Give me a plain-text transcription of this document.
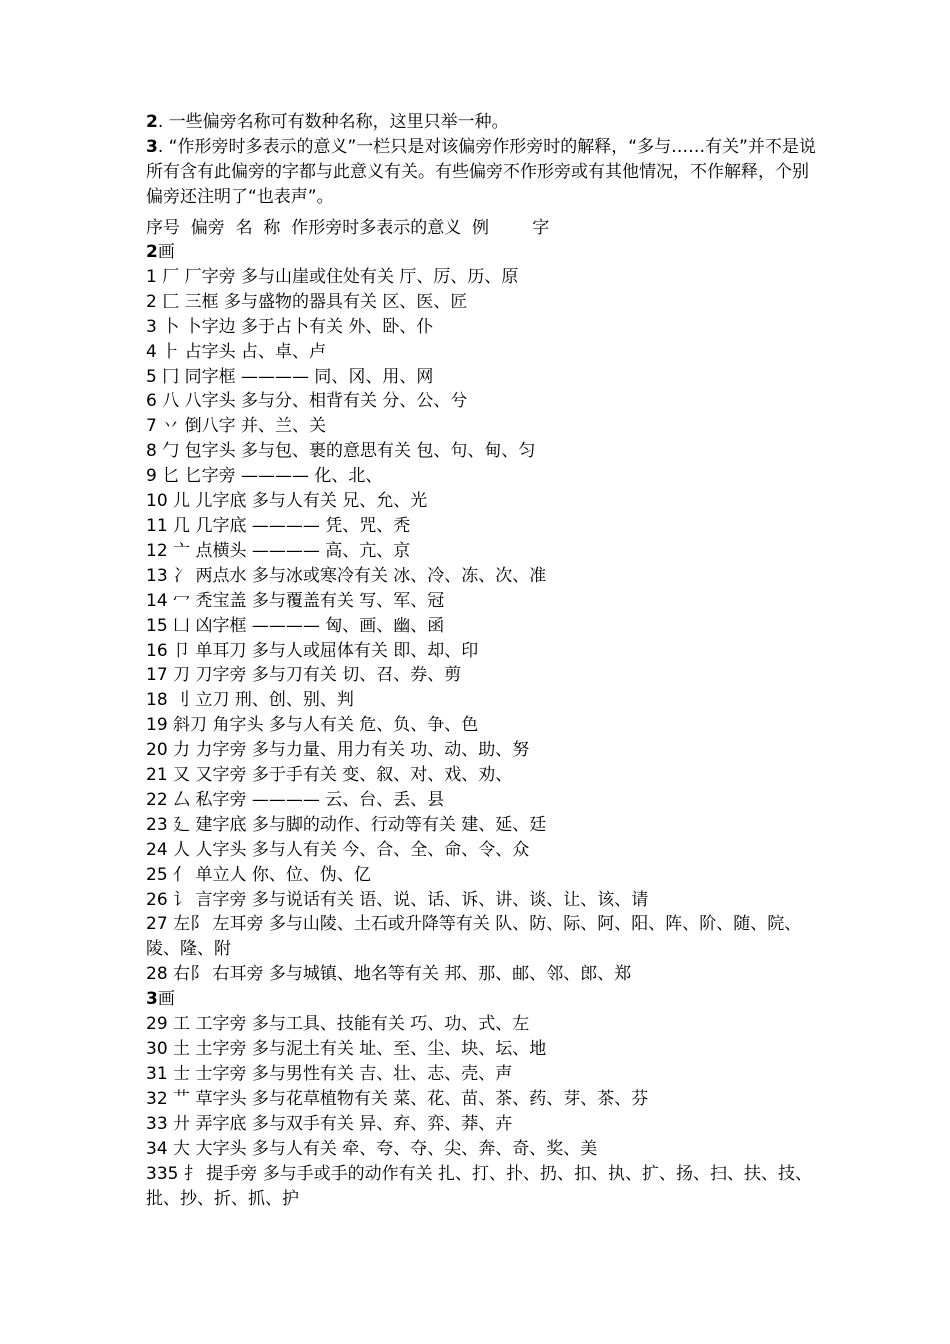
2. 一些偏旁名称可有数种名称，这里只举一种。

3. “作形旁时多表示的意义”一栏只是对该偏旁作形旁时的解释，“多与……有关”并不是说所有含有此偏旁的字都与此意义有关。有些偏旁不作形旁或有其他情况，不作解释，个别偏旁还注明了“也表声”。

序号  偏旁  名  称  作形旁时多表示的意义  例        字
2画
1 厂 厂字旁 多与山崖或住处有关 厅、厉、历、原
2 匚 三框 多与盛物的器具有关 区、医、匠
3 卜 卜字边 多于占卜有关 外、卧、仆
4 ⺊ 占字头 占、卓、卢
5 冂 同字框 ———— 同、冈、用、网
6 八 八字头 多与分、相背有关 分、公、兮
7 丷 倒八字 并、兰、关
8 勹 包字头 多与包、裹的意思有关 包、句、甸、匀
9 匕 匕字旁 ———— 化、北、
10 儿 儿字底 多与人有关 兄、允、光
11 几 几字底 ———— 凭、咒、秃
12 亠 点横头 ———— 高、亢、京
13 冫 两点水 多与冰或寒冷有关 冰、冷、冻、次、准
14 冖 秃宝盖 多与覆盖有关 写、军、冠
15 凵 凶字框 ———— 匈、画、幽、函
16 卩 单耳刀 多与人或屈体有关 即、却、印
17 刀 刀字旁 多与刀有关 切、召、券、剪
18 刂 立刀 刑、创、别、判
19 斜刀 角字头 多与人有关 危、负、争、色
20 力 力字旁 多与力量、用力有关 功、动、助、努
21 又 又字旁 多于手有关 变、叙、对、戏、劝、
22 厶 私字旁 ———— 云、台、丢、县
23 廴 建字底 多与脚的动作、行动等有关 建、延、廷
24 人 人字头 多与人有关 今、合、全、命、令、众
25 亻 单立人 你、位、伪、亿
26 讠 言字旁 多与说话有关 语、说、话、诉、讲、谈、让、该、请
27 左阝 左耳旁 多与山陵、土石或升降等有关 队、防、际、阿、阳、阵、阶、随、院、陵、隆、附
28 右阝 右耳旁 多与城镇、地名等有关 邦、那、邮、邻、郎、郑
3画
29 工 工字旁 多与工具、技能有关 巧、功、式、左
30 土 土字旁 多与泥土有关 址、至、尘、块、坛、地
31 士 士字旁 多与男性有关 吉、壮、志、壳、声
32 艹 草字头 多与花草植物有关 菜、花、苗、茶、药、芽、茶、芬
33 廾 弄字底 多与双手有关 异、弃、弈、莽、卉
34 大 大字头 多与人有关 牵、夸、夺、尖、奔、奇、奖、美
335 扌 提手旁 多与手或手的动作有关 扎、打、扑、扔、扣、执、扩、扬、扫、扶、技、批、抄、折、抓、护
